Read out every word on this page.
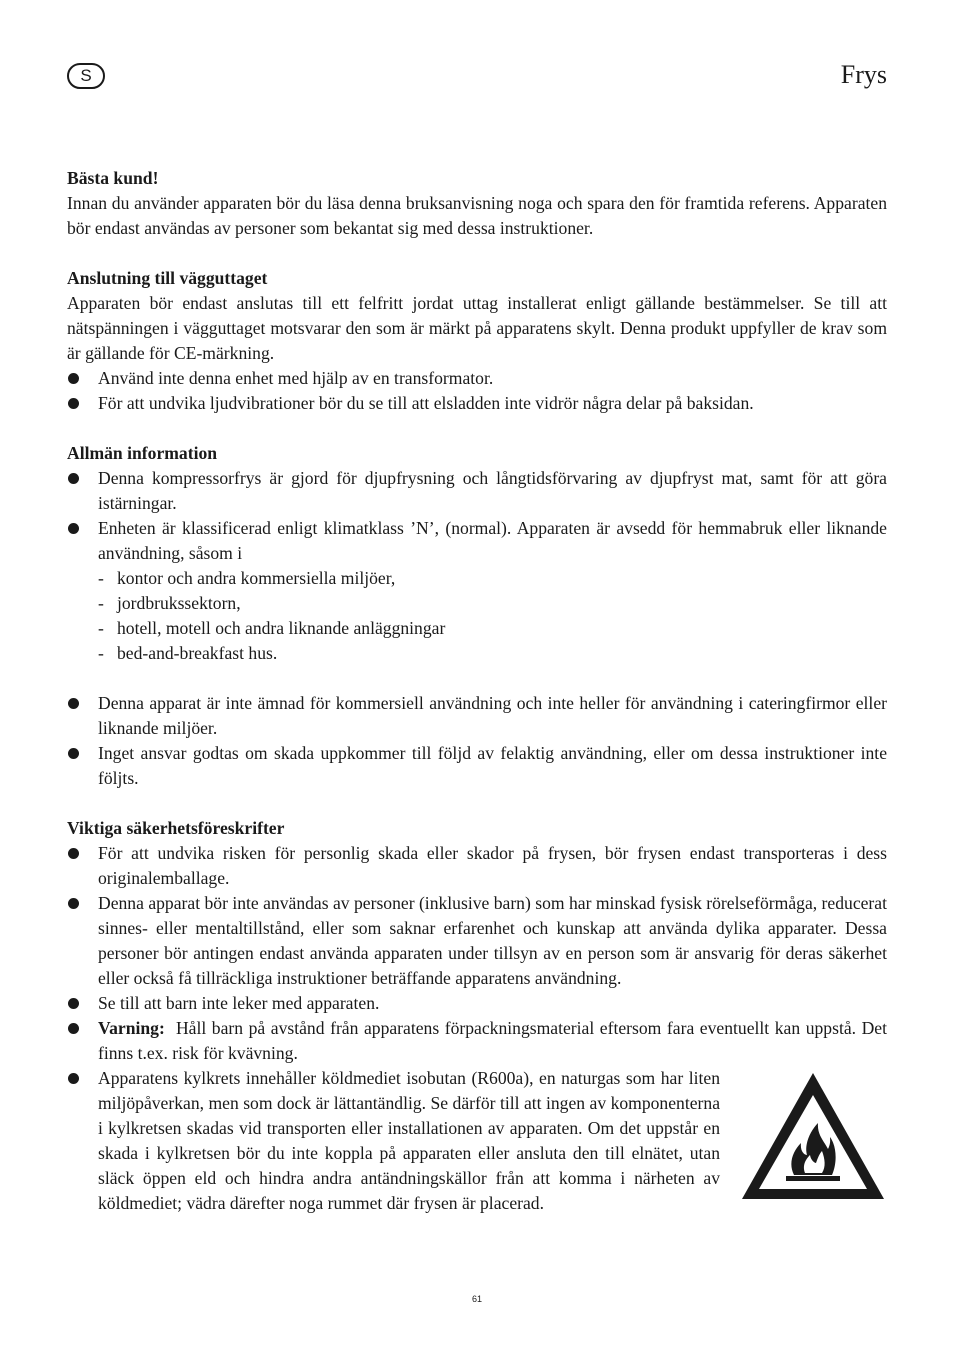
S	Frys
Bästa kund!

Innan du använder apparaten bör du läsa denna bruksanvisning noga och spara den för framtida referens. Apparaten bör endast användas av personer som bekantat sig med dessa instruktioner.

Anslutning till vägguttaget

Apparaten bör endast anslutas till ett felfritt jordat uttag installerat enligt gällande bestämmelser. Se till att nätspänningen i vägguttaget motsvarar den som är märkt på apparatens skylt. Denna produkt uppfyller de krav som är gällande för CE-märkning.

Använd inte denna enhet med hjälp av en transformator.
För att undvika ljudvibrationer bör du se till att elsladden inte vidrör några delar på baksidan.
Allmän information
Denna kompressorfrys är gjord för djupfrysning och långtidsförvaring av djupfryst mat, samt för att göra istärningar.
Enheten är klassificerad enligt klimatklass ’N’, (normal). Apparaten är avsedd för hemmabruk eller liknande användning, såsom i
- kontor och andra kommersiella miljöer,
- jordbrukssektorn,
- hotell, motell och andra liknande anläggningar
- bed-and-breakfast hus.
Denna apparat är inte ämnad för kommersiell användning och inte heller för användning i cateringfirmor eller liknande miljöer.
Inget ansvar godtas om skada uppkommer till följd av felaktig användning, eller om dessa instruktioner inte följts.
Viktiga säkerhetsföreskrifter
För att undvika risken för personlig skada eller skador på frysen, bör frysen endast transporteras i dess originalemballage.
Denna apparat bör inte användas av personer (inklusive barn) som har minskad fysisk rörelseförmåga, reducerat sinnes- eller mentaltillstånd, eller som saknar erfarenhet och kunskap att använda dylika apparater. Dessa personer bör antingen endast använda apparaten under tillsyn av en person som är ansvarig för deras säkerhet eller också få tillräckliga instruktioner beträffande apparatens användning.
Se till att barn inte leker med apparaten.
Varning: Håll barn på avstånd från apparatens förpackningsmaterial eftersom fara eventuellt kan uppstå. Det finns t.ex. risk för kvävning.
Apparatens kylkrets innehåller köldmediet isobutan (R600a), en naturgas som har liten miljöpåverkan, men som dock är lättantändlig. Se därför till att ingen av komponenterna i kylkretsen skadas vid transporten eller installationen av apparaten. Om det uppstår en skada i kylkretsen bör du inte koppla på apparaten eller ansluta den till elnätet, utan släck öppen eld och hindra andra antändningskällor från att komma i närheten av köldmediet; vädra därefter noga rummet där frysen är placerad.
61
